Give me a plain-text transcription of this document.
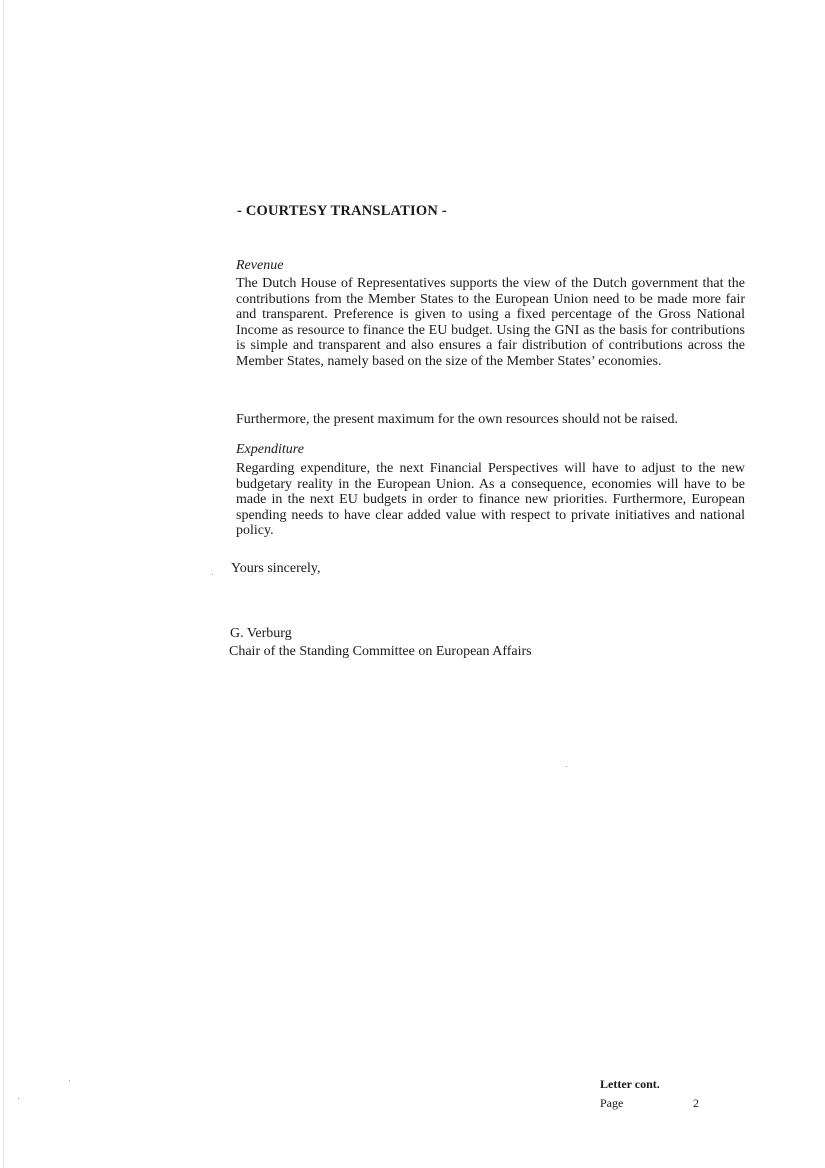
- COURTESY TRANSLATION -
Revenue
The Dutch House of Representatives supports the view of the Dutch government that the contributions from the Member States to the European Union need to be made more fair and transparent. Preference is given to using a fixed percentage of the Gross National Income as resource to finance the EU budget. Using the GNI as the basis for contributions is simple and transparent and also ensures a fair distribution of contributions across the Member States, namely based on the size of the Member States’ economies.
Furthermore, the present maximum for the own resources should not be raised.
Expenditure
Regarding expenditure, the next Financial Perspectives will have to adjust to the new budgetary reality in the European Union. As a consequence, economies will have to be made in the next EU budgets in order to finance new priorities. Furthermore, European spending needs to have clear added value with respect to private initiatives and national policy.
Yours sincerely,
G. Verburg
Chair of the Standing Committee on European Affairs
Letter cont.
Page	2
